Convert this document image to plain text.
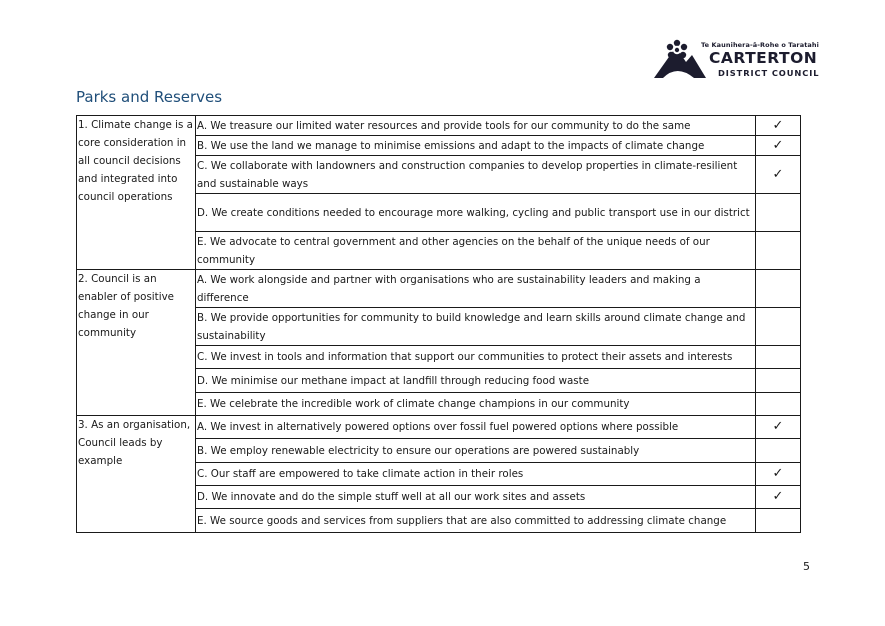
Te Kaunihera-ā-Rohe o Taratahi
CARTERTON
DISTRICT COUNCIL
Parks and Reserves
1. Climate change is a core consideration in all council decisions and integrated into council operations	A. We treasure our limited water resources and provide tools for our community to do the same	✓
	B. We use the land we manage to minimise emissions and adapt to the impacts of climate change	✓
	C. We collaborate with landowners and construction companies to develop properties in climate-resilient and sustainable ways	✓
	D. We create conditions needed to encourage more walking, cycling and public transport use in our district	
	E. We advocate to central government and other agencies on the behalf of the unique needs of our community	
2. Council is an enabler of positive change in our community	A. We work alongside and partner with organisations who are sustainability leaders and making a difference	
	B. We provide opportunities for community to build knowledge and learn skills around climate change and sustainability	
	C. We invest in tools and information that support our communities to protect their assets and interests	
	D. We minimise our methane impact at landfill through reducing food waste	
	E. We celebrate the incredible work of climate change champions in our community	
3. As an organisation, Council leads by example	A. We invest in alternatively powered options over fossil fuel powered options where possible	✓
	B. We employ renewable electricity to ensure our operations are powered sustainably	
	C. Our staff are empowered to take climate action in their roles	✓
	D. We innovate and do the simple stuff well at all our work sites and assets	✓
	E. We source goods and services from suppliers that are also committed to addressing climate change	
5
